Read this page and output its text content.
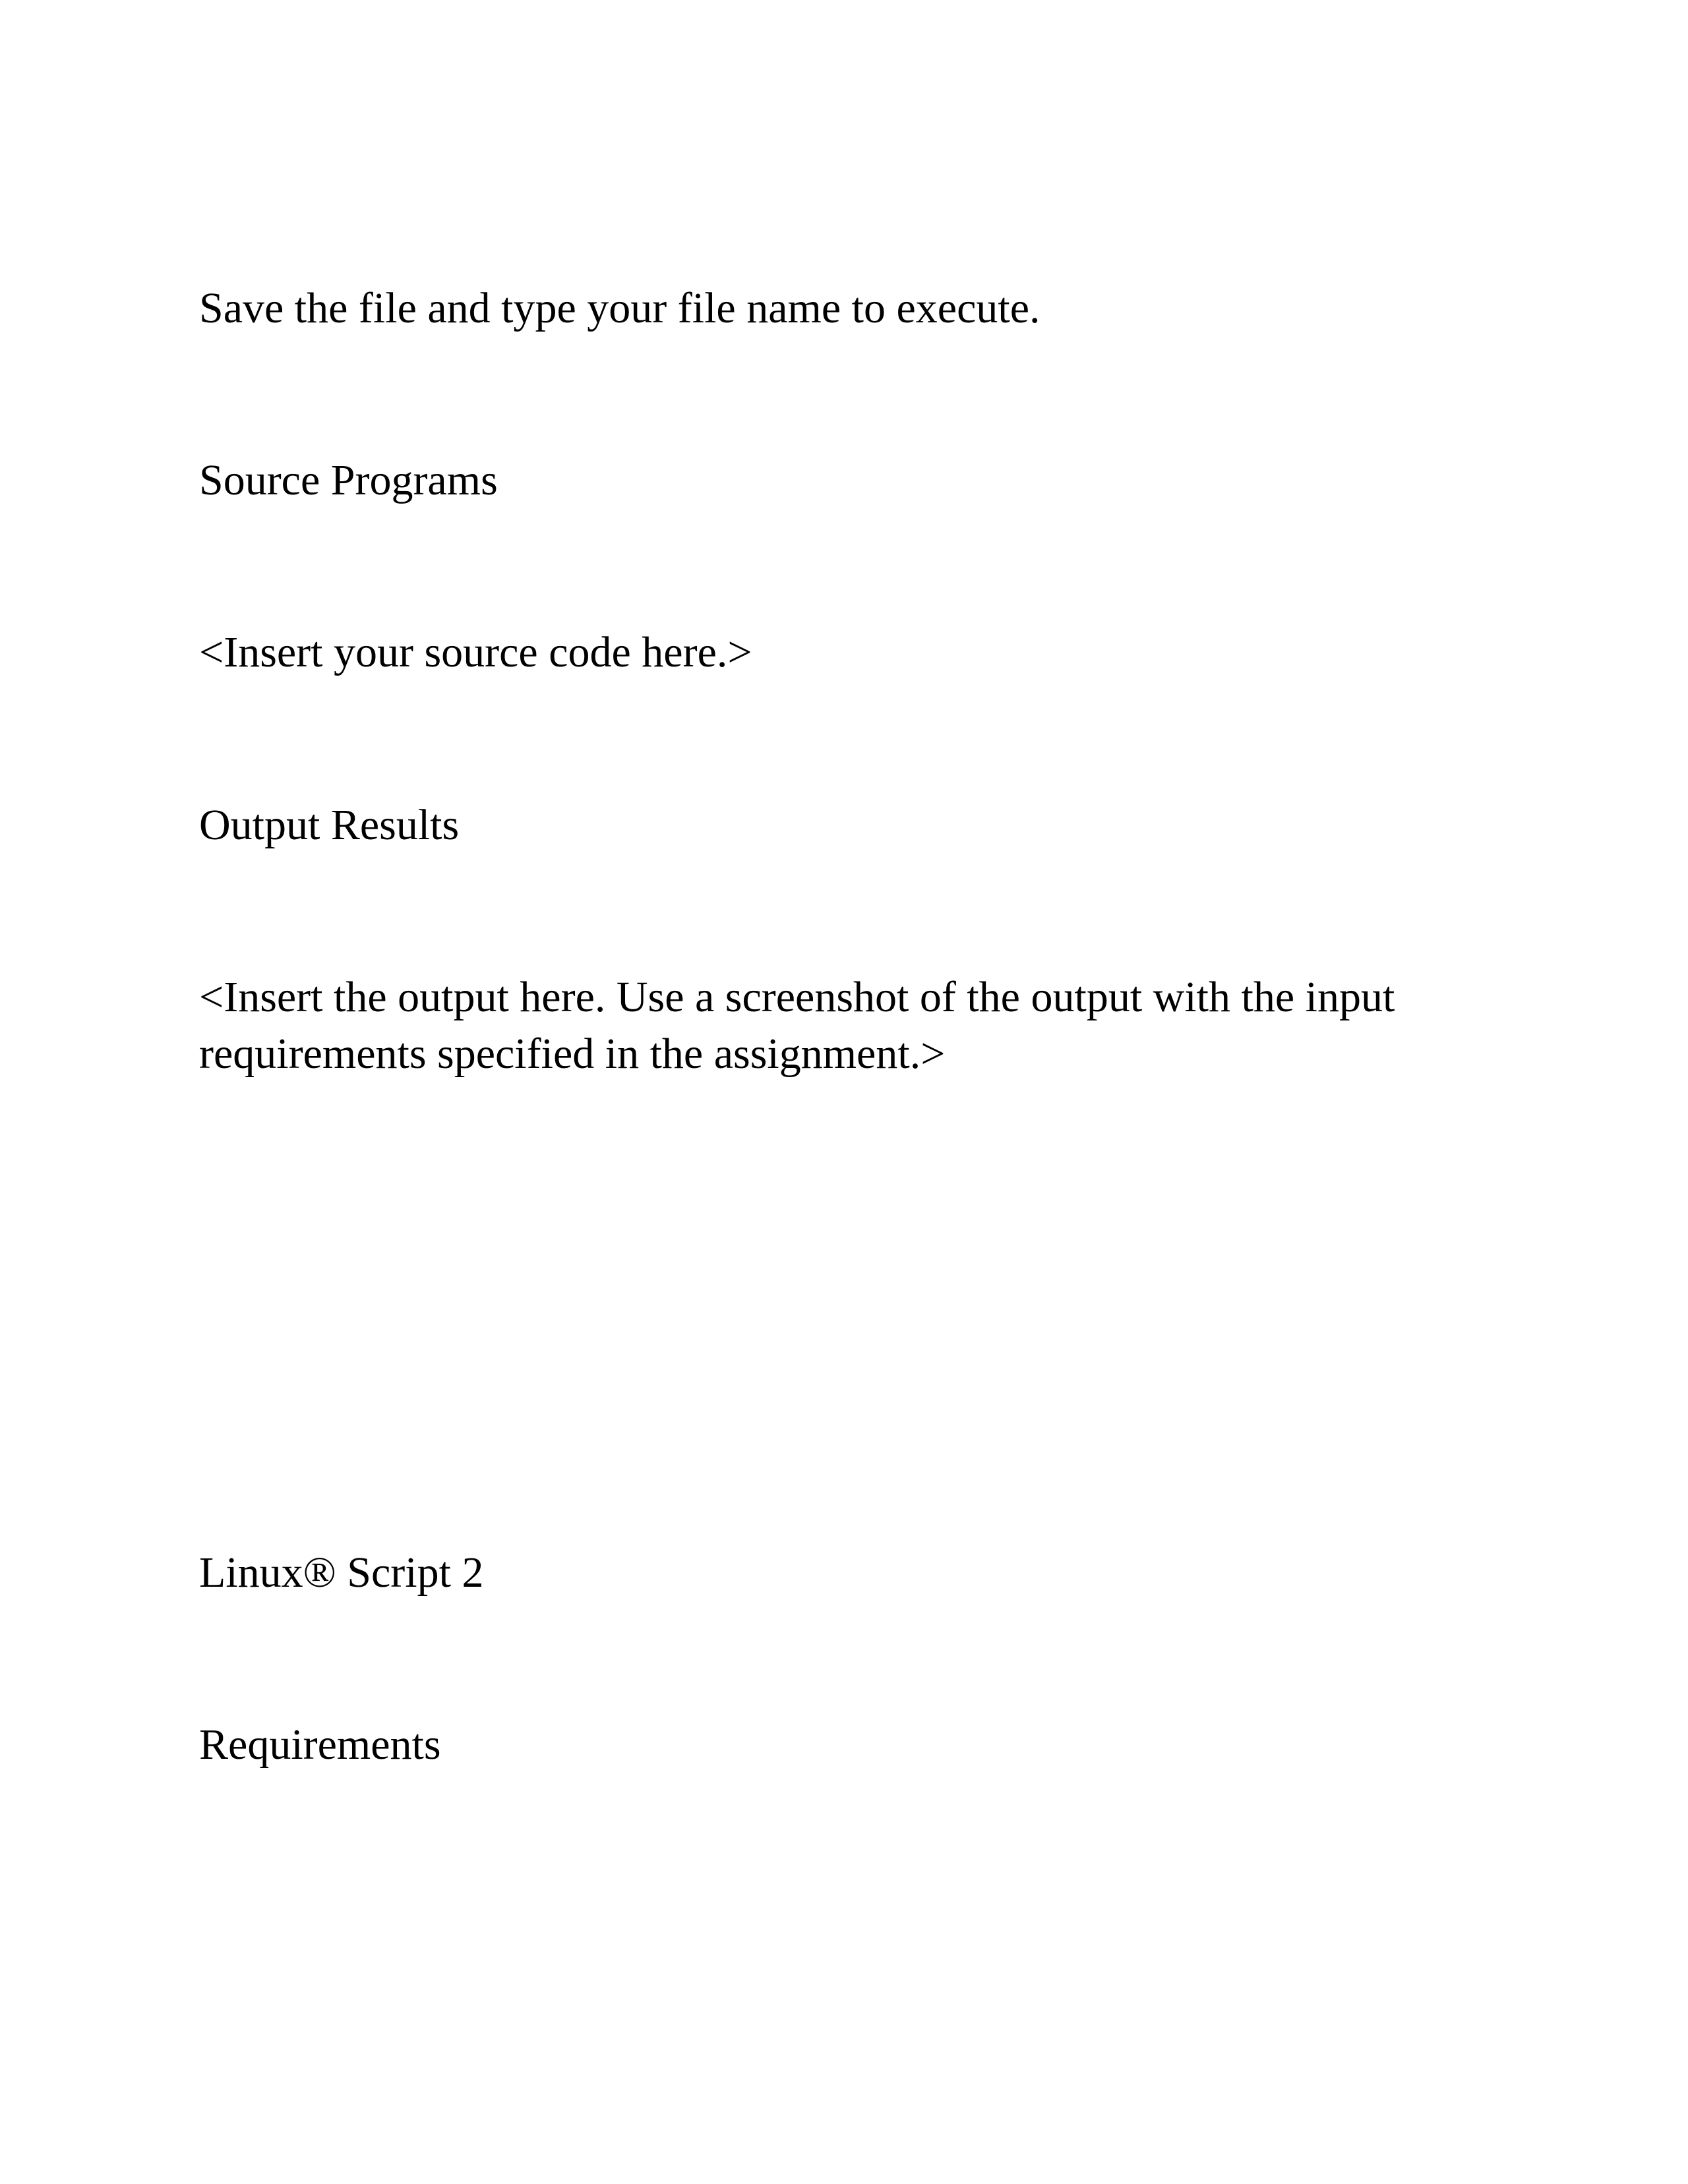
Save the file and type your file name to execute.

Source Programs

<Insert your source code here.>

Output Results

<Insert the output here. Use a screenshot of the output with the input requirements specified in the assignment.>

Linux® Script 2

Requirements
